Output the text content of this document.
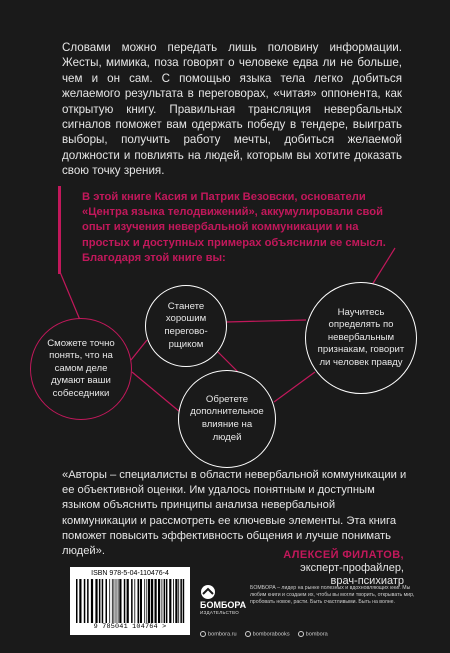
Словами можно передать лишь половину информации. Жесты, мимика, поза говорят о человеке едва ли не больше, чем и он сам. С помощью языка тела легко добиться желаемого результата в переговорах, «читая» оппонента, как открытую книгу. Правильная трансляция невербальных сигналов поможет вам одержать победу в тендере, выиграть выборы, получить работу мечты, добиться желаемой должности и повлиять на людей, которым вы хотите доказать свою точку зрения.
В этой книге Касия и Патрик Везовски, основатели «Центра языка телодвижений», аккумулировали свой опыт изучения невербальной коммуникации и на простых и доступных примерах объяснили ее смысл. Благодаря этой книге вы:
Сможете точно понять, что на самом деле думают ваши собеседники
Станете хорошим перегово-рщиком
Обретете дополнительное влияние на людей
Научитесь определять по невербальным признакам, говорит ли человек правду
«Авторы – специалисты в области невербальной коммуникации и ее объективной оценки. Им удалось понятным и доступным языком объяснить принципы анализа невербальной коммуникации и рассмотреть ее ключевые элементы. Эта книга поможет повысить эффективность общения и лучше понимать людей».	АЛЕКСЕЙ ФИЛАТОВ,
эксперт-профайлер,
врач-психиатр
ISBN 978-5-04-110476-4
9 785041 104764 >
БОМБОРА
ИЗДАТЕЛЬСТВО
БОМБОРА – лидер на рынке полезных и вдохновляющих книг. Мы любим книги и создаем их, чтобы вы могли творить, открывать мир, пробовать новое, расти. Быть счастливыми. Быть на волне.
bombora.ru	bomborabooks	bombora
